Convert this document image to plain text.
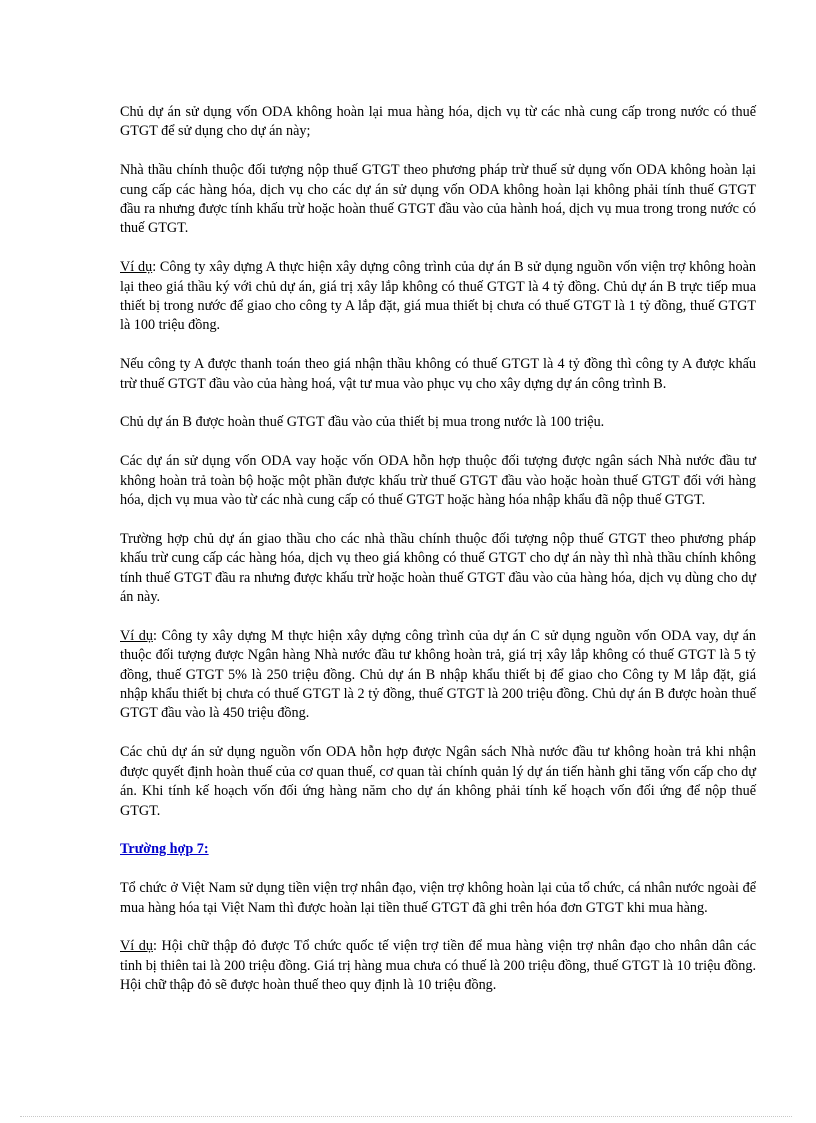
Chủ dự án sử dụng vốn ODA không hoàn lại mua hàng hóa, dịch vụ từ các nhà cung cấp trong nước có thuế GTGT để sử dụng cho dự án này;

Nhà thầu chính thuộc đối tượng nộp thuế GTGT theo phương pháp trừ thuế sử dụng vốn ODA không hoàn lại cung cấp các hàng hóa, dịch vụ cho các dự án sử dụng vốn ODA không hoàn lại không phải tính thuế GTGT đầu ra nhưng được tính khấu trừ hoặc hoàn thuế GTGT đầu vào của hành hoá, dịch vụ mua trong trong nước có thuế GTGT.

Ví dụ: Công ty xây dựng A thực hiện xây dựng công trình của dự án B sử dụng nguồn vốn viện trợ không hoàn lại theo giá thầu ký với chủ dự án, giá trị xây lắp không có thuế GTGT là 4 tỷ đồng. Chủ dự án B trực tiếp mua thiết bị trong nước để giao cho công ty A lắp đặt, giá mua thiết bị chưa có thuế GTGT là 1 tỷ đồng, thuế GTGT là 100 triệu đồng.

Nếu công ty A được thanh toán theo giá nhận thầu không có thuế GTGT là 4 tỷ đồng thì công ty A được khấu trừ thuế GTGT đầu vào của hàng hoá, vật tư mua vào phục vụ cho xây dựng dự án công trình B.

Chủ dự án B được hoàn thuế GTGT đầu vào của thiết bị mua trong nước là 100 triệu.

Các dự án sử dụng vốn ODA vay hoặc vốn ODA hỗn hợp thuộc đối tượng được ngân sách Nhà nước đầu tư không hoàn trả toàn bộ hoặc một phần được khấu trừ thuế GTGT đầu vào hoặc hoàn thuế GTGT đối với hàng hóa, dịch vụ mua vào từ các nhà cung cấp có thuế GTGT hoặc hàng hóa nhập khẩu đã nộp thuế GTGT.

Trường hợp chủ dự án giao thầu cho các nhà thầu chính thuộc đối tượng nộp thuế GTGT theo phương pháp khấu trừ cung cấp các hàng hóa, dịch vụ theo giá không có thuế GTGT cho dự án này thì nhà thầu chính không tính thuế GTGT đầu ra nhưng được khấu trừ hoặc hoàn thuế GTGT đầu vào của hàng hóa, dịch vụ dùng cho dự án này.

Ví dụ: Công ty xây dựng M thực hiện xây dựng công trình của dự án C sử dụng nguồn vốn ODA vay, dự án thuộc đối tượng được Ngân hàng Nhà nước đầu tư không hoàn trả, giá trị xây lắp không có thuế GTGT là 5 tỷ đồng, thuế GTGT 5% là 250 triệu đồng. Chủ dự án B nhập khẩu thiết bị để giao cho Công ty M lắp đặt, giá nhập khẩu thiết bị chưa có thuế GTGT là 2 tỷ đồng, thuế GTGT là 200 triệu đồng. Chủ dự án B được hoàn thuế GTGT đầu vào là 450 triệu đồng.

Các chủ dự án sử dụng nguồn vốn ODA hỗn hợp được Ngân sách Nhà nước đầu tư không hoàn trả khi nhận được quyết định hoàn thuế của cơ quan thuế, cơ quan tài chính quản lý dự án tiến hành ghi tăng vốn cấp cho dự án. Khi tính kế hoạch vốn đối ứng hàng năm cho dự án không phải tính kế hoạch vốn đối ứng để nộp thuế GTGT.

Trường hợp 7:

Tổ chức ở Việt Nam sử dụng tiền viện trợ nhân đạo, viện trợ không hoàn lại của tổ chức, cá nhân nước ngoài để mua hàng hóa tại Việt Nam thì được hoàn lại tiền thuế GTGT đã ghi trên hóa đơn GTGT khi mua hàng.

Ví dụ: Hội chữ thập đỏ được Tổ chức quốc tế viện trợ tiền để mua hàng viện trợ nhân đạo cho nhân dân các tỉnh bị thiên tai là 200 triệu đồng. Giá trị hàng mua chưa có thuế là 200 triệu đồng, thuế GTGT là 10 triệu đồng. Hội chữ thập đỏ sẽ được hoàn thuế theo quy định là 10 triệu đồng.
